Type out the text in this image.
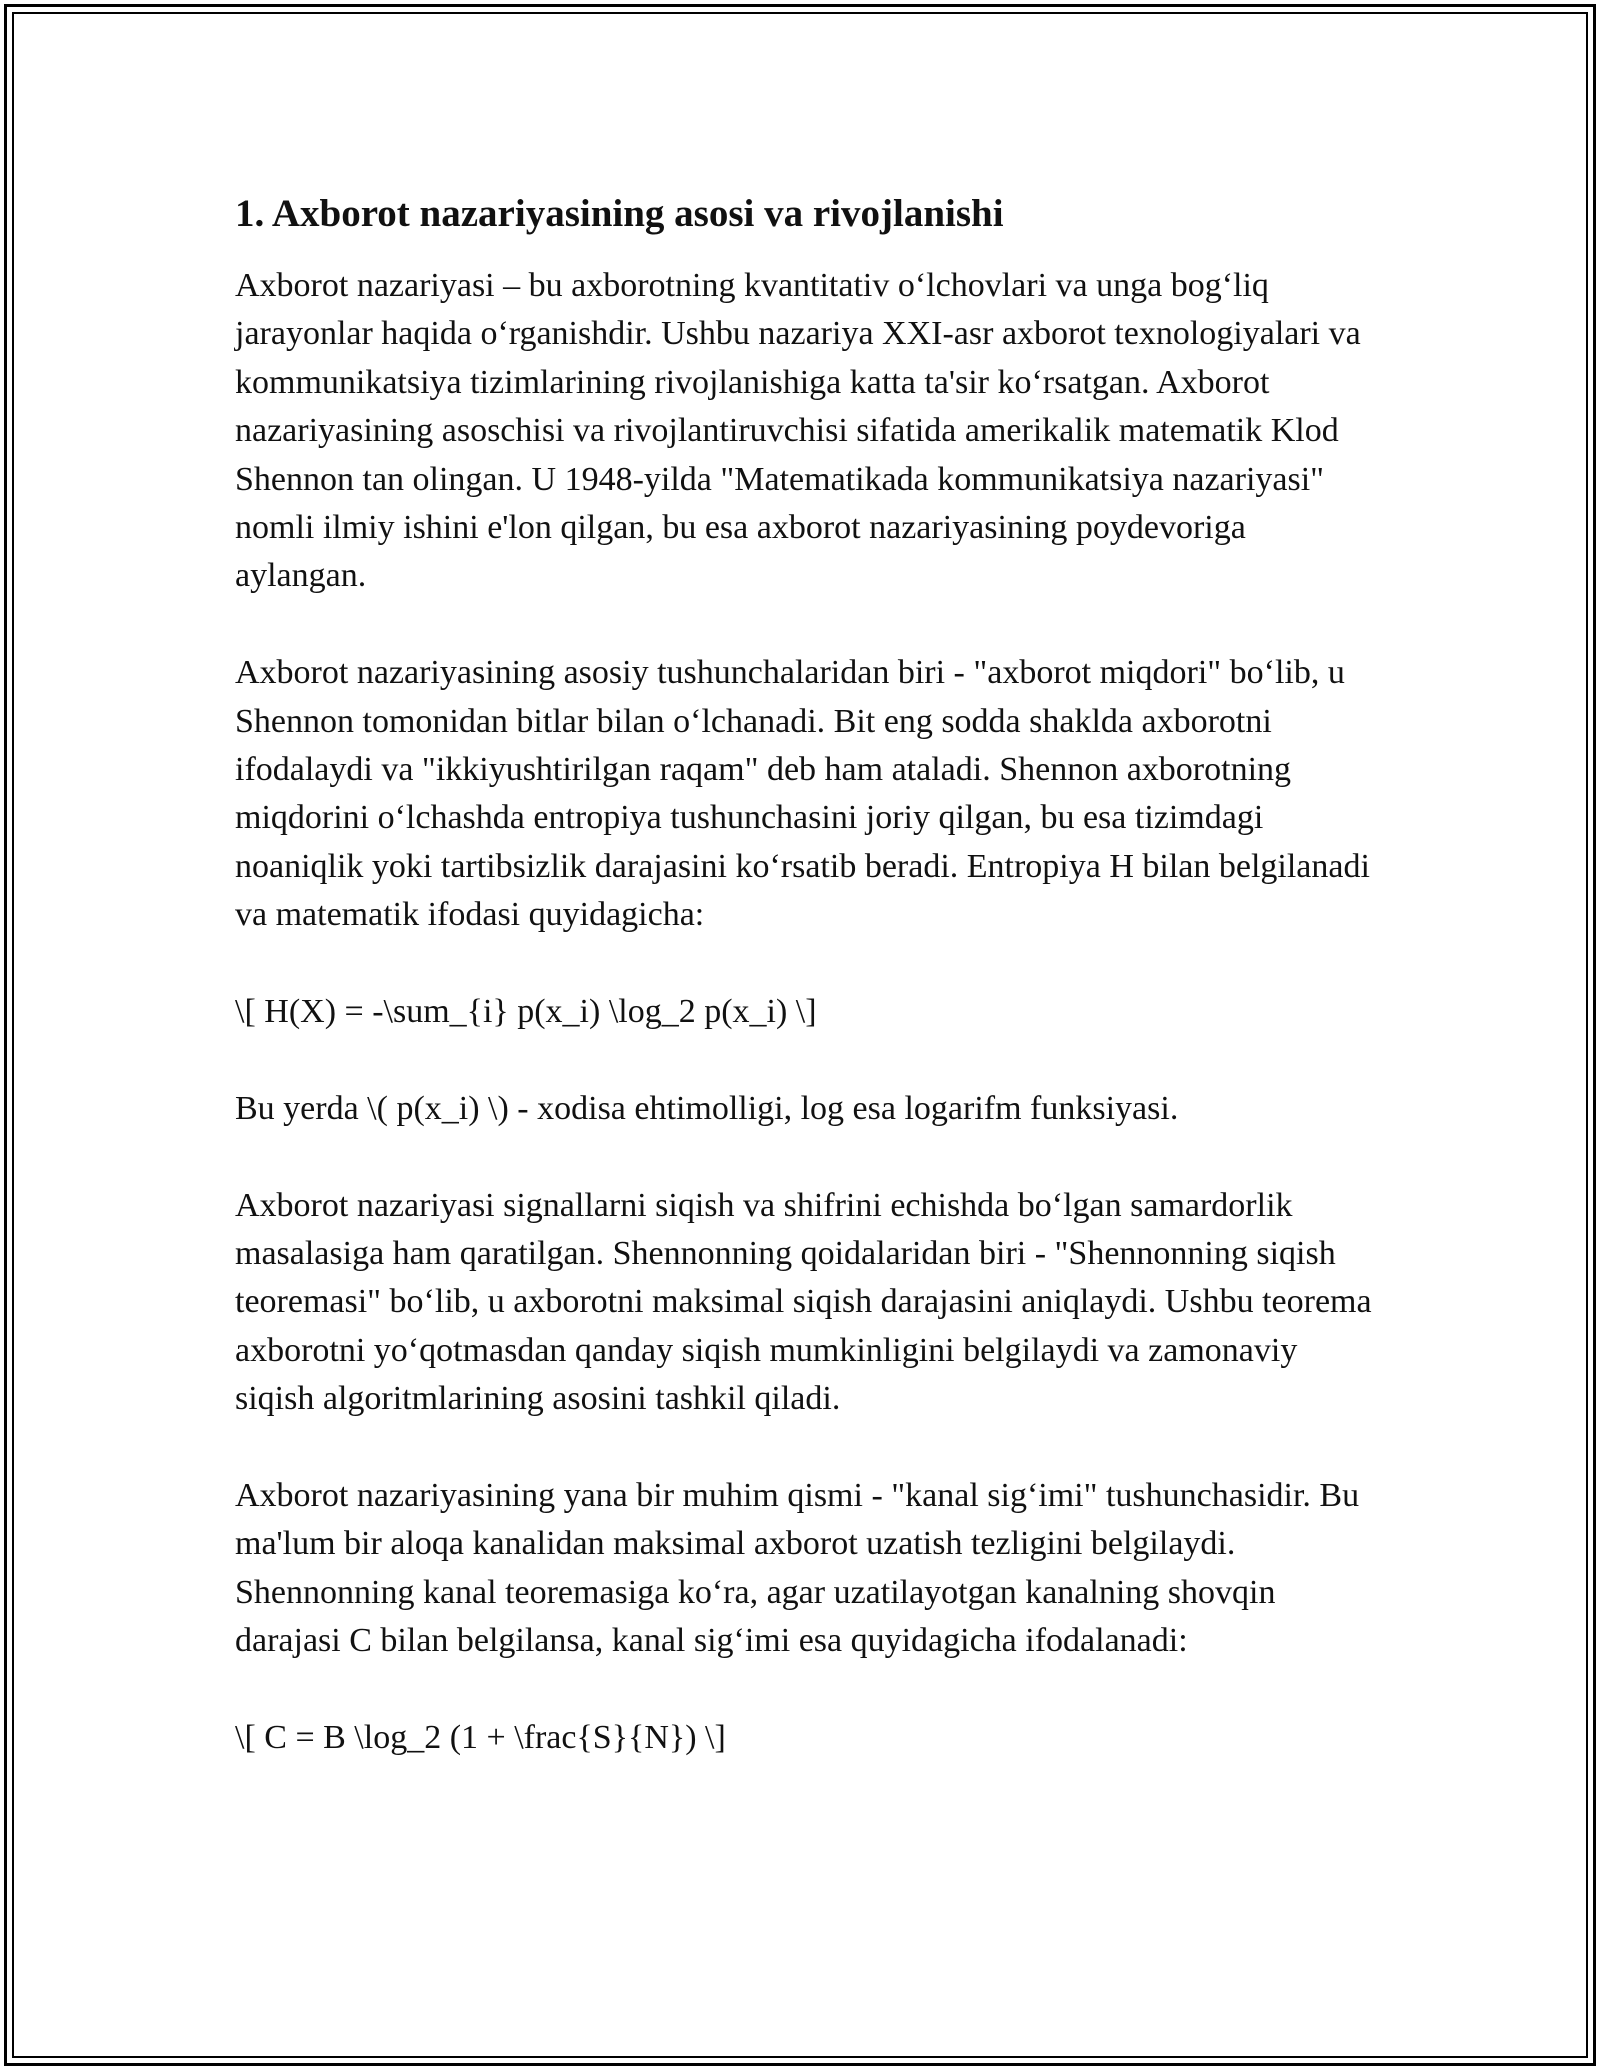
1. Axborot nazariyasining asosi va rivojlanishi

Axborot nazariyasi – bu axborotning kvantitativ o‘lchovlari va unga bog‘liq jarayonlar haqida o‘rganishdir. Ushbu nazariya XXI-asr axborot texnologiyalari va kommunikatsiya tizimlarining rivojlanishiga katta ta'sir ko‘rsatgan. Axborot nazariyasining asoschisi va rivojlantiruvchisi sifatida amerikalik matematik Klod Shennon tan olingan. U 1948-yilda "Matematikada kommunikatsiya nazariyasi" nomli ilmiy ishini e'lon qilgan, bu esa axborot nazariyasining poydevoriga aylangan.

Axborot nazariyasining asosiy tushunchalaridan biri - "axborot miqdori" bo‘lib, u Shennon tomonidan bitlar bilan o‘lchanadi. Bit eng sodda shaklda axborotni ifodalaydi va "ikkiyushtirilgan raqam" deb ham ataladi. Shennon axborotning miqdorini o‘lchashda entropiya tushunchasini joriy qilgan, bu esa tizimdagi noaniqlik yoki tartibsizlik darajasini ko‘rsatib beradi. Entropiya H bilan belgilanadi va matematik ifodasi quyidagicha:

\[ H(X) = -\sum_{i} p(x_i) \log_2 p(x_i) \]

Bu yerda \( p(x_i) \) - xodisa ehtimolligi, log esa logarifm funksiyasi.

Axborot nazariyasi signallarni siqish va shifrini echishda bo‘lgan samardorlik masalasiga ham qaratilgan. Shennonning qoidalaridan biri - "Shennonning siqish teoremasi" bo‘lib, u axborotni maksimal siqish darajasini aniqlaydi. Ushbu teorema axborotni yo‘qotmasdan qanday siqish mumkinligini belgilaydi va zamonaviy siqish algoritmlarining asosini tashkil qiladi.

Axborot nazariyasining yana bir muhim qismi - "kanal sig‘imi" tushunchasidir. Bu ma'lum bir aloqa kanalidan maksimal axborot uzatish tezligini belgilaydi. Shennonning kanal teoremasiga ko‘ra, agar uzatilayotgan kanalning shovqin darajasi C bilan belgilansa, kanal sig‘imi esa quyidagicha ifodalanadi:

\[ C = B \log_2 (1 + \frac{S}{N}) \]
